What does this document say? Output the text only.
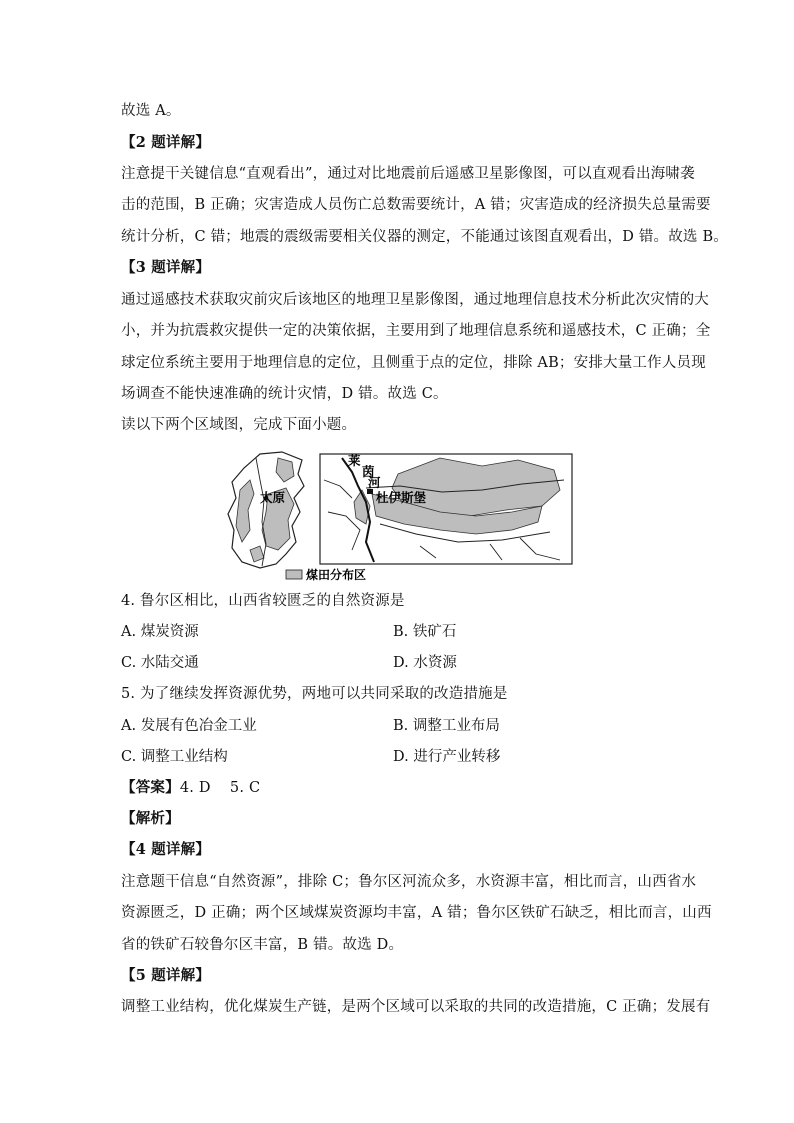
故选 A。
【2 题详解】
注意提干关键信息“直观看出”，通过对比地震前后遥感卫星影像图，可以直观看出海啸袭
击的范围，B 正确；灾害造成人员伤亡总数需要统计，A 错；灾害造成的经济损失总量需要
统计分析，C 错；地震的震级需要相关仪器的测定，不能通过该图直观看出，D 错。故选 B。
【3 题详解】
通过遥感技术获取灾前灾后该地区的地理卫星影像图，通过地理信息技术分析此次灾情的大
小，并为抗震救灾提供一定的决策依据，主要用到了地理信息系统和遥感技术，C 正确；全
球定位系统主要用于地理信息的定位，且侧重于点的定位，排除 AB；安排大量工作人员现
场调查不能快速准确的统计灾情，D 错。故选 C。
读以下两个区域图，完成下面小题。
太原
莱
茵
河
杜伊斯堡
煤田分布区
4. 鲁尔区相比，山西省较匮乏的自然资源是
A. 煤炭资源	B. 铁矿石
C. 水陆交通	D. 水资源
5. 为了继续发挥资源优势，两地可以共同采取的改造措施是
A. 发展有色冶金工业	B. 调整工业布局
C. 调整工业结构	D. 进行产业转移
【答案】4. D    5. C
【解析】
【4 题详解】
注意题干信息“自然资源”，排除 C；鲁尔区河流众多，水资源丰富，相比而言，山西省水
资源匮乏，D 正确；两个区域煤炭资源均丰富，A 错；鲁尔区铁矿石缺乏，相比而言，山西
省的铁矿石较鲁尔区丰富，B 错。故选 D。
【5 题详解】
调整工业结构，优化煤炭生产链，是两个区域可以采取的共同的改造措施，C 正确；发展有
